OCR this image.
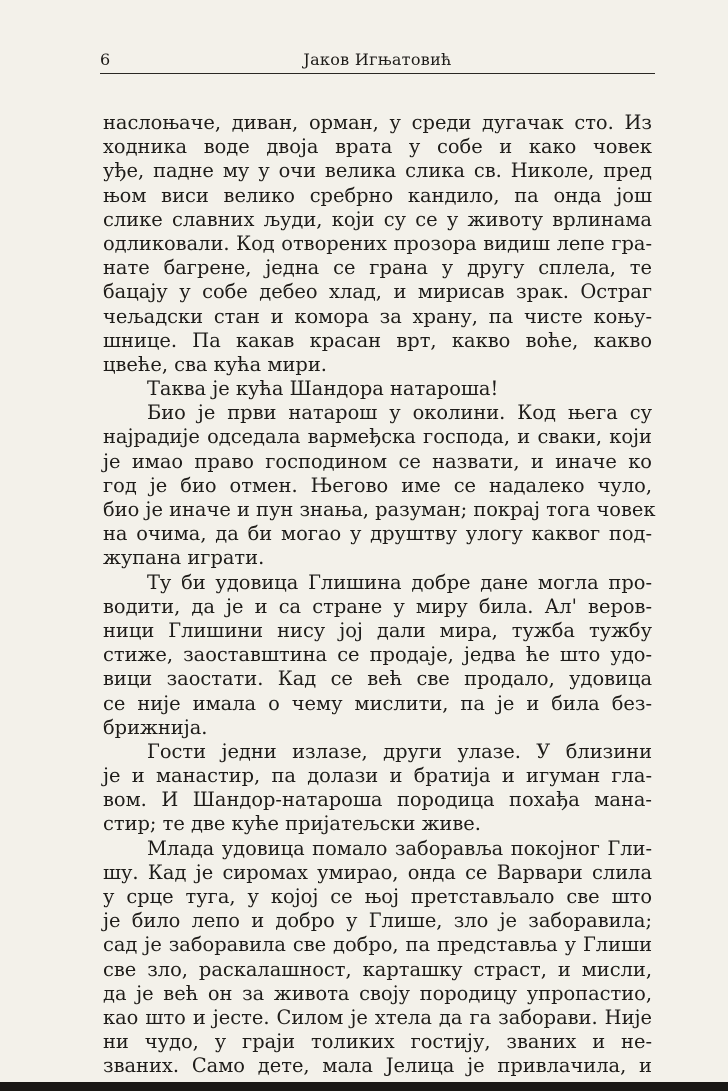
6	Јаков Игњатовић
наслоњаче, диван, орман, у среди дугачак сто. Из
ходника воде двоја врата у собе и како човек
уђе, падне му у очи велика слика св. Николе, пред
њом виси велико сребрно кандило, па онда још
слике славних људи, који су се у животу врлинама
одликовали. Код отворених прозора видиш лепе гра-
нате багрене, једна се грана у другу сплела, те
бацају у собе дебео хлад, и мирисав зрак. Остраг
чељадски стан и комора за храну, па чисте коњу-
шнице. Па какав красан врт, какво воће, какво
цвеће, сва кућа мири.
Таква је кућа Шандора натароша!
Био је први натарош у околини. Код њега су
најрадије одседала вармеђска господа, и сваки, који
је имао право господином се назвати, и иначе ко
год је био отмен. Његово име се надалеко чуло,
био је иначе и пун знања, разуман; покрај тога човек
на очима, да би могао у друштву улогу каквог под-
жупана играти.
Ту би удовица Глишина добре дане могла про-
водити, да је и са стране у миру била. Ал' веров-
ници Глишини нису јој дали мира, тужба тужбу
стиже, заоставштина се продаје, једва ће што удо-
вици заостати. Кад се већ све продало, удовица
се није имала о чему мислити, па је и била без-
брижнија.
Гости једни излазе, други улазе. У близини
је и манастир, па долази и братија и игуман гла-
вом. И Шандор-натарошa породица похађа мана-
стир; те две куће пријатељски живе.
Млада удовица помало заборавља покојног Гли-
шу. Кад је сиромах умирао, онда се Варвари слила
у срце туга, у којој се њој претстављало све што
је било лепо и добро у Глише, зло је заборавила;
сад је заборавила све добро, па представља у Глиши
све зло, раскалашност, карташку страст, и мисли,
да је већ он за живота своју породицу упропастио,
као што и јесте. Силом је хтела да га заборави. Није
ни чудо, у граји толиких гостију, званих и не-
званих. Само дете, мала Јелица је привлачила, и
